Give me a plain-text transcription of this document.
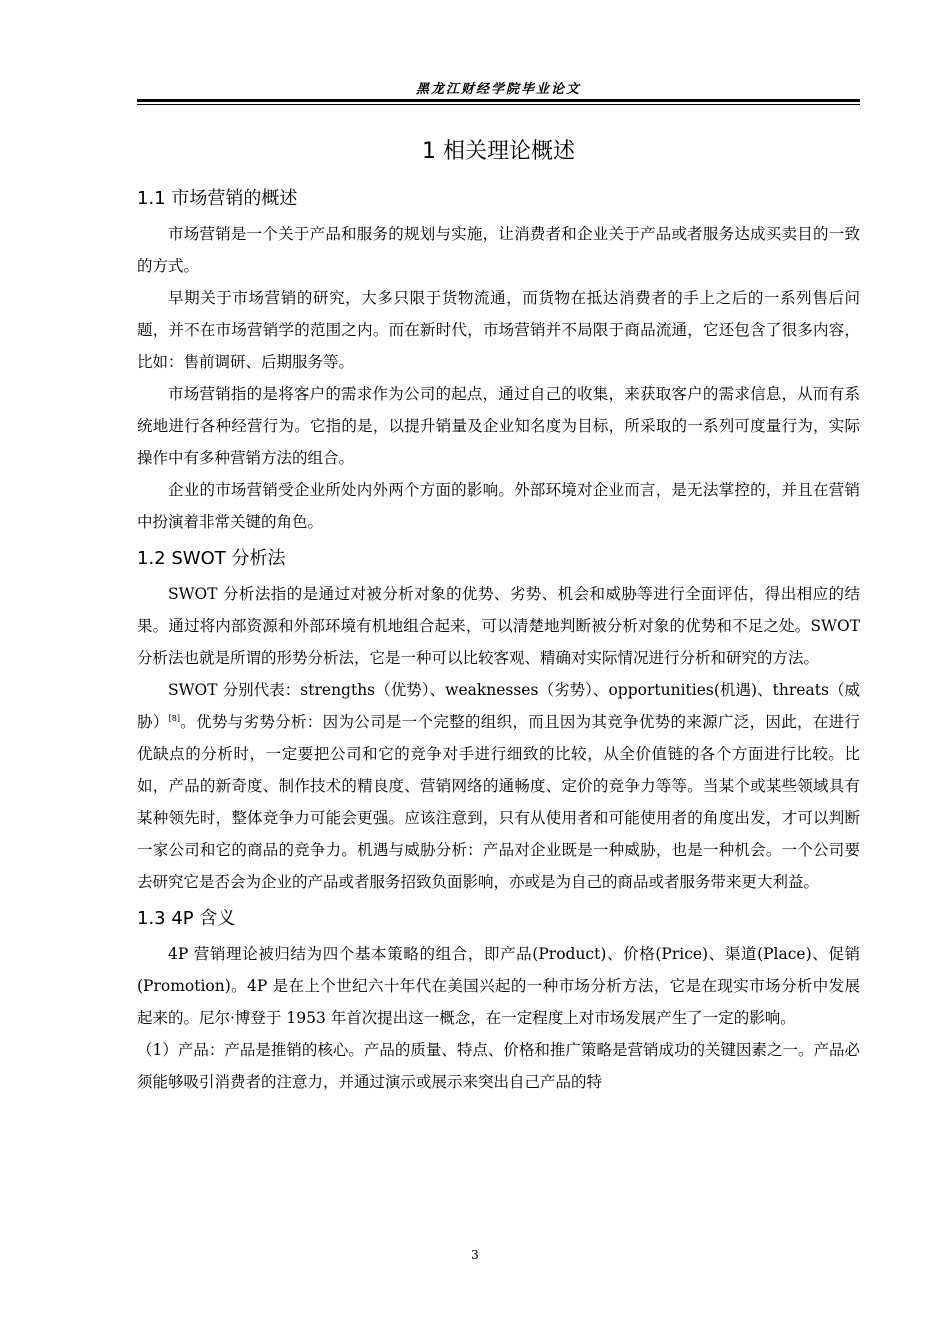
黑龙江财经学院毕业论文
1 相关理论概述
1.1 市场营销的概述

市场营销是一个关于产品和服务的规划与实施，让消费者和企业关于产品或者服务达成买卖目的一致的方式。

早期关于市场营销的研究，大多只限于货物流通，而货物在抵达消费者的手上之后的一系列售后问题，并不在市场营销学的范围之内。而在新时代，市场营销并不局限于商品流通，它还包含了很多内容，比如：售前调研、后期服务等。

市场营销指的是将客户的需求作为公司的起点，通过自己的收集，来获取客户的需求信息，从而有系统地进行各种经营行为。它指的是，以提升销量及企业知名度为目标，所采取的一系列可度量行为，实际操作中有多种营销方法的组合。

企业的市场营销受企业所处内外两个方面的影响。外部环境对企业而言，是无法掌控的，并且在营销中扮演着非常关键的角色。

1.2 SWOT 分析法

SWOT 分析法指的是通过对被分析对象的优势、劣势、机会和威胁等进行全面评估，得出相应的结果。通过将内部资源和外部环境有机地组合起来，可以清楚地判断被分析对象的优势和不足之处。SWOT 分析法也就是所谓的形势分析法，它是一种可以比较客观、精确对实际情况进行分析和研究的方法。

SWOT 分别代表：strengths（优势）、weaknesses（劣势）、opportunities(机遇)、threats（威胁）[8]。优势与劣势分析：因为公司是一个完整的组织，而且因为其竞争优势的来源广泛，因此，在进行优缺点的分析时，一定要把公司和它的竞争对手进行细致的比较，从全价值链的各个方面进行比较。比如，产品的新奇度、制作技术的精良度、营销网络的通畅度、定价的竞争力等等。当某个或某些领域具有某种领先时，整体竞争力可能会更强。应该注意到，只有从使用者和可能使用者的角度出发，才可以判断一家公司和它的商品的竞争力。机遇与威胁分析：产品对企业既是一种威胁，也是一种机会。一个公司要去研究它是否会为企业的产品或者服务招致负面影响，亦或是为自己的商品或者服务带来更大利益。

1.3 4P 含义

4P 营销理论被归结为四个基本策略的组合，即产品(Product)、价格(Price)、渠道(Place)、促销(Promotion)。4P 是在上个世纪六十年代在美国兴起的一种市场分析方法，它是在现实市场分析中发展起来的。尼尔·博登于 1953 年首次提出这一概念，在一定程度上对市场发展产生了一定的影响。

（1）产品：产品是推销的核心。产品的质量、特点、价格和推广策略是营销成功的关键因素之一。产品必须能够吸引消费者的注意力，并通过演示或展示来突出自己产品的特

3
